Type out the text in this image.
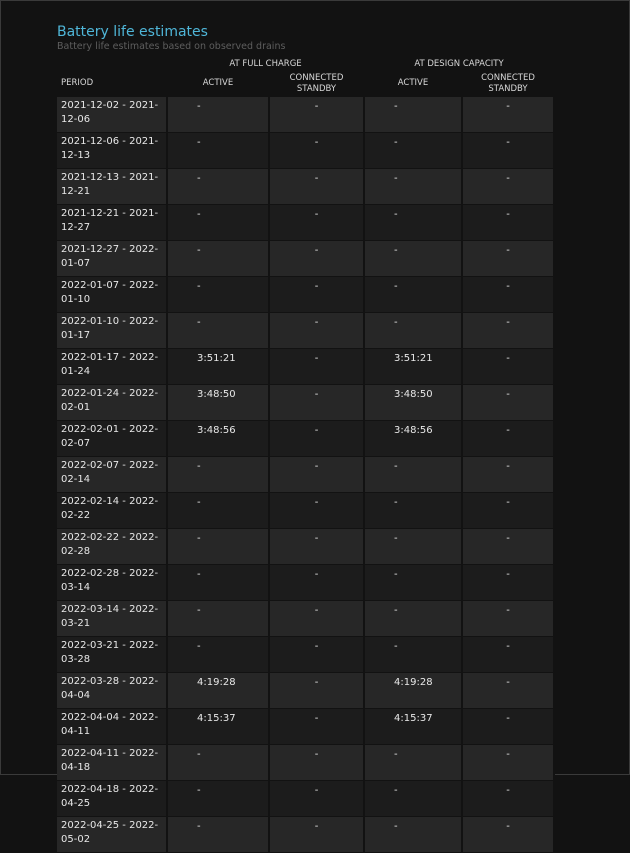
Battery life estimates
Battery life estimates based on observed drains
	AT FULL CHARGE		AT DESIGN CAPACITY	
PERIOD	ACTIVE	CONNECTED STANDBY	ACTIVE	CONNECTED STANDBY
2021-12-02 - 2021-12-06	-	-	-	-
2021-12-06 - 2021-12-13	-	-	-	-
2021-12-13 - 2021-12-21	-	-	-	-
2021-12-21 - 2021-12-27	-	-	-	-
2021-12-27 - 2022-01-07	-	-	-	-
2022-01-07 - 2022-01-10	-	-	-	-
2022-01-10 - 2022-01-17	-	-	-	-
2022-01-17 - 2022-01-24	3:51:21	-	3:51:21	-
2022-01-24 - 2022-02-01	3:48:50	-	3:48:50	-
2022-02-01 - 2022-02-07	3:48:56	-	3:48:56	-
2022-02-07 - 2022-02-14	-	-	-	-
2022-02-14 - 2022-02-22	-	-	-	-
2022-02-22 - 2022-02-28	-	-	-	-
2022-02-28 - 2022-03-14	-	-	-	-
2022-03-14 - 2022-03-21	-	-	-	-
2022-03-21 - 2022-03-28	-	-	-	-
2022-03-28 - 2022-04-04	4:19:28	-	4:19:28	-
2022-04-04 - 2022-04-11	4:15:37	-	4:15:37	-
2022-04-11 - 2022-04-18	-	-	-	-
2022-04-18 - 2022-04-25	-	-	-	-
2022-04-25 - 2022-05-02	-	-	-	-
